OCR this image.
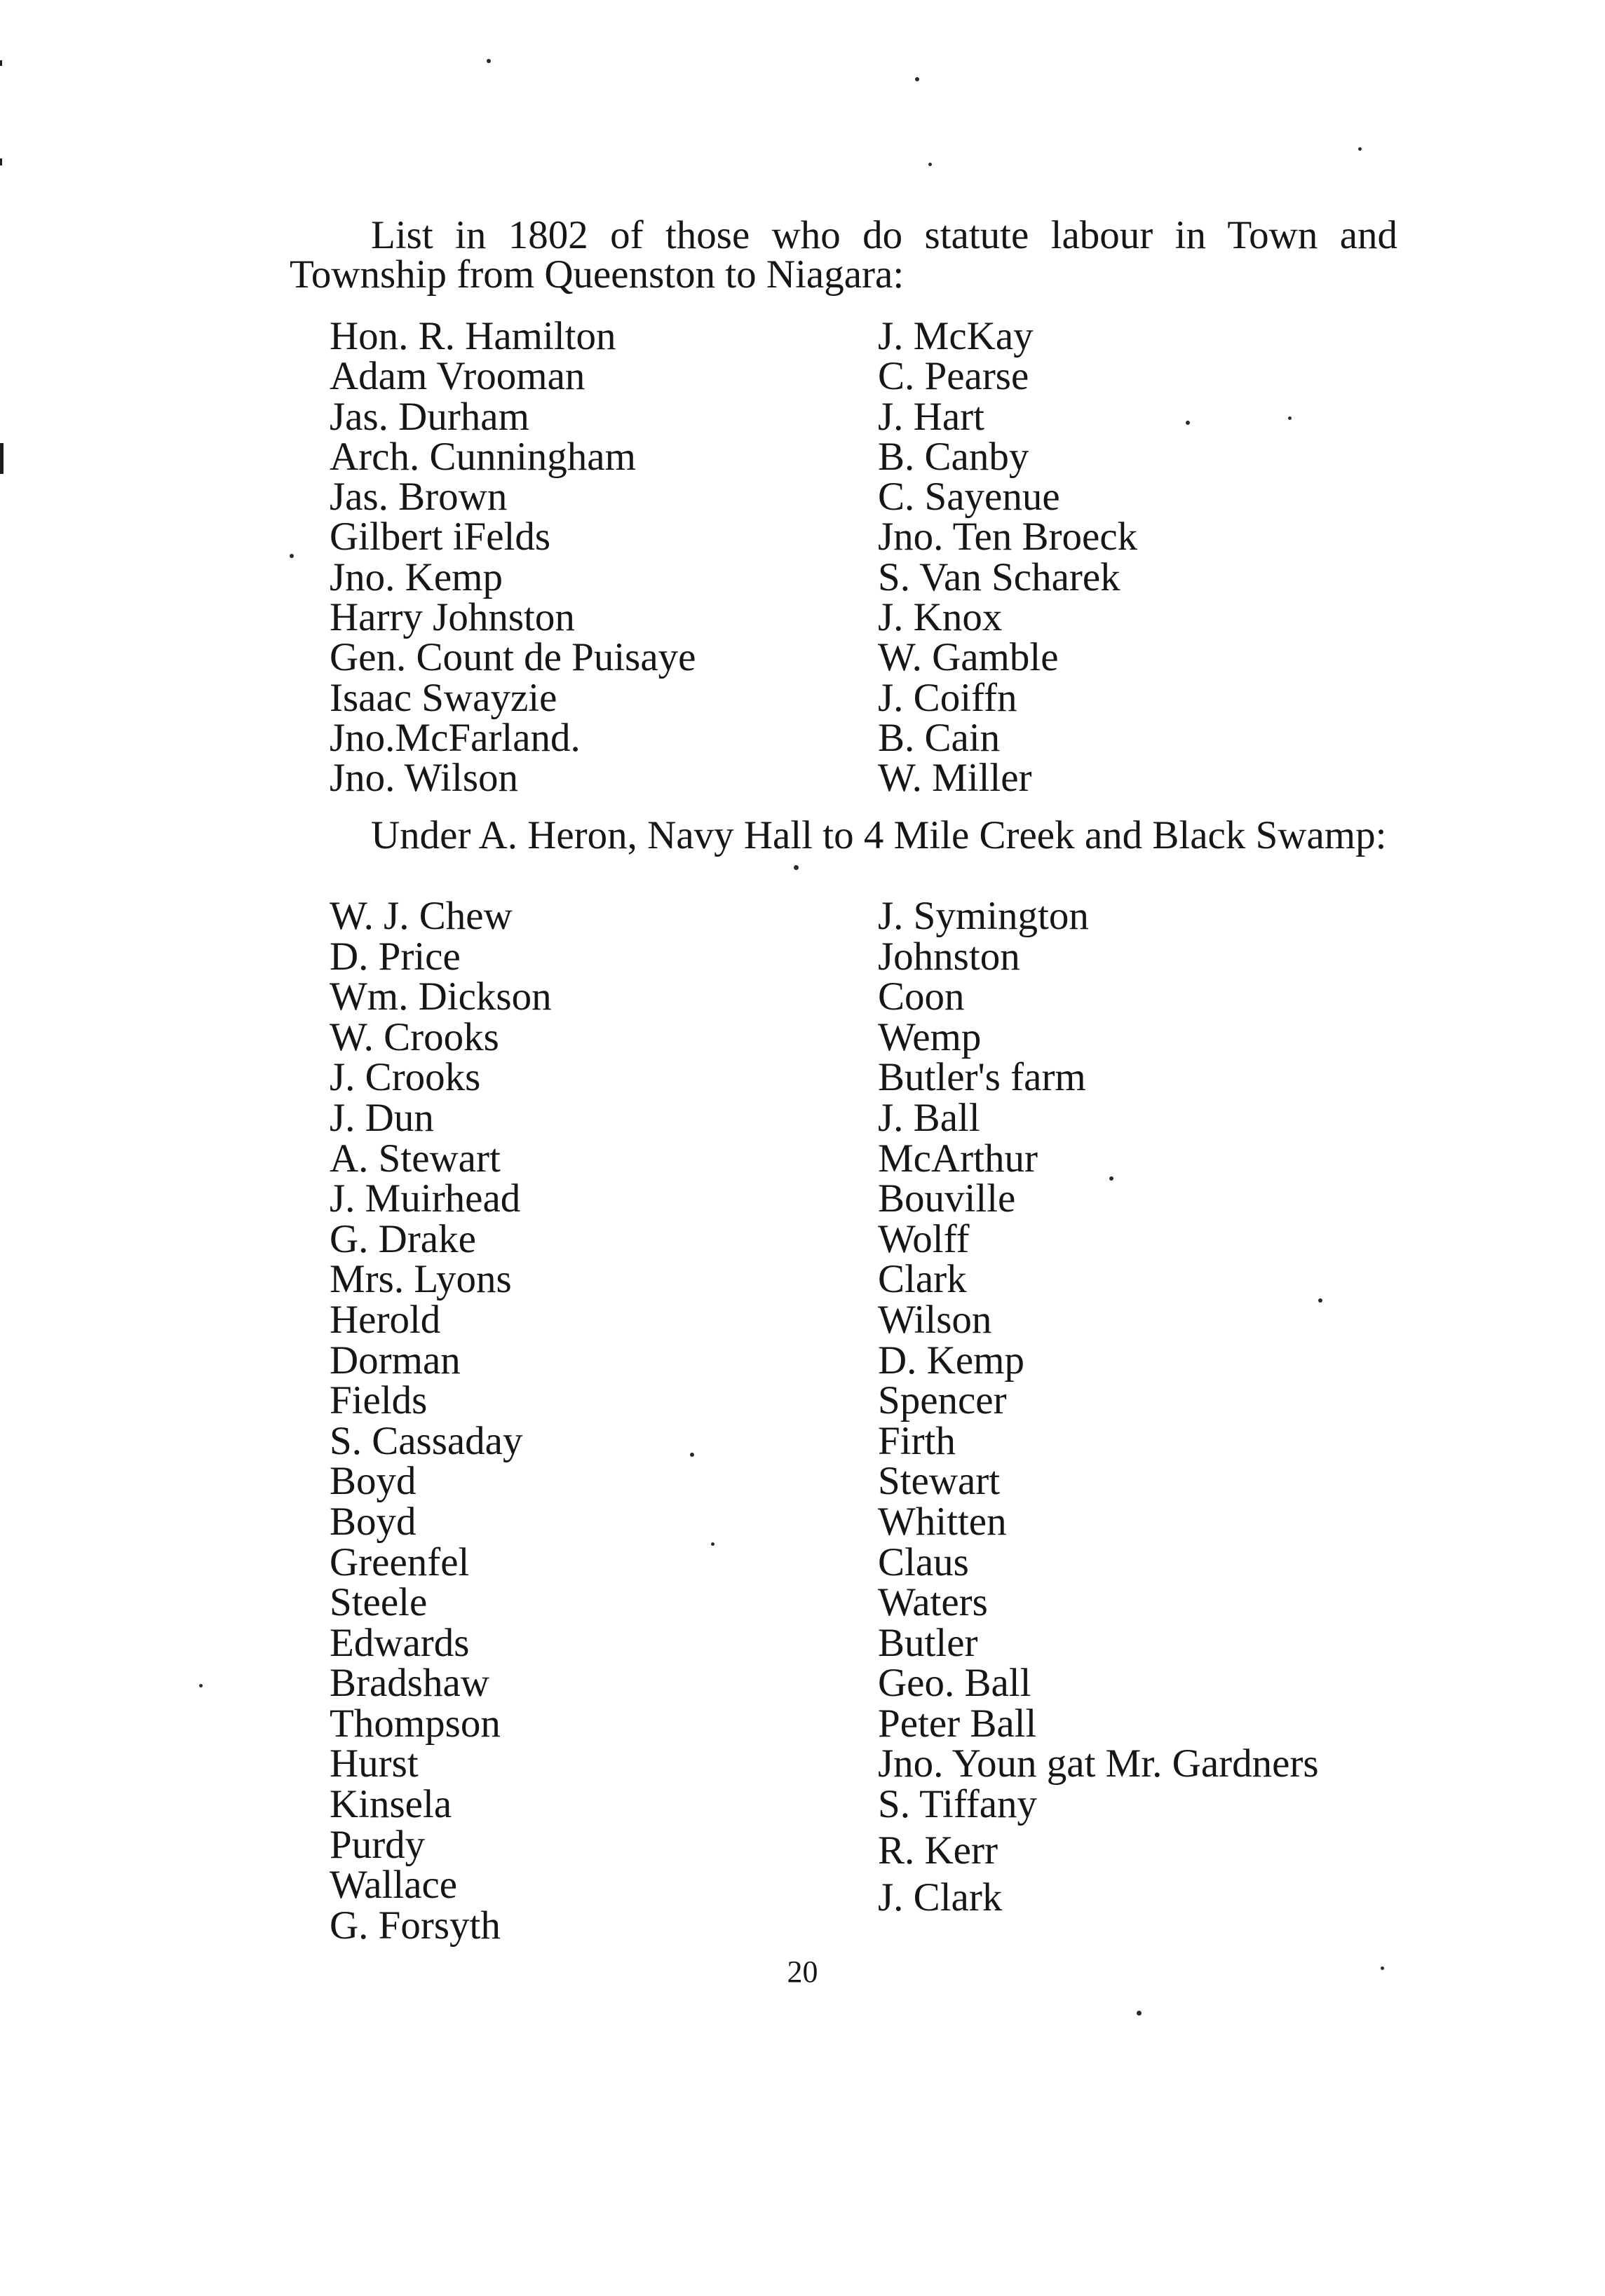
List in 1802 of those who do statute labour in Town and Township from Queenston to Niagara:

Hon. R. Hamilton
Adam Vrooman
Jas. Durham
Arch. Cunningham
Jas. Brown
Gilbert iFelds
Jno. Kemp
Harry Johnston
Gen. Count de Puisaye
Isaac Swayzie
Jno.McFarland.
Jno. Wilson
J. McKay
C. Pearse
J. Hart
B. Canby
C. Sayenue
Jno. Ten Broeck
S. Van Scharek
J. Knox
W. Gamble
J. Coiffn
B. Cain
W. Miller

Under A. Heron, Navy Hall to 4 Mile Creek and Black Swamp:

W. J. Chew
D. Price
Wm. Dickson
W. Crooks
J. Crooks
J. Dun
A. Stewart
J. Muirhead
G. Drake
Mrs. Lyons
Herold
Dorman
Fields
S. Cassaday
Boyd
Boyd
Greenfel
Steele
Edwards
Bradshaw
Thompson
Hurst
Kinsela
Purdy
Wallace
G. Forsyth
J. Symington
Johnston
Coon
Wemp
Butler's farm
J. Ball
McArthur
Bouville
Wolff
Clark
Wilson
D. Kemp
Spencer
Firth
Stewart
Whitten
Claus
Waters
Butler
Geo. Ball
Peter Ball
Jno. Youn gat Mr. Gardners
S. Tiffany
R. Kerr
J. Clark
20
